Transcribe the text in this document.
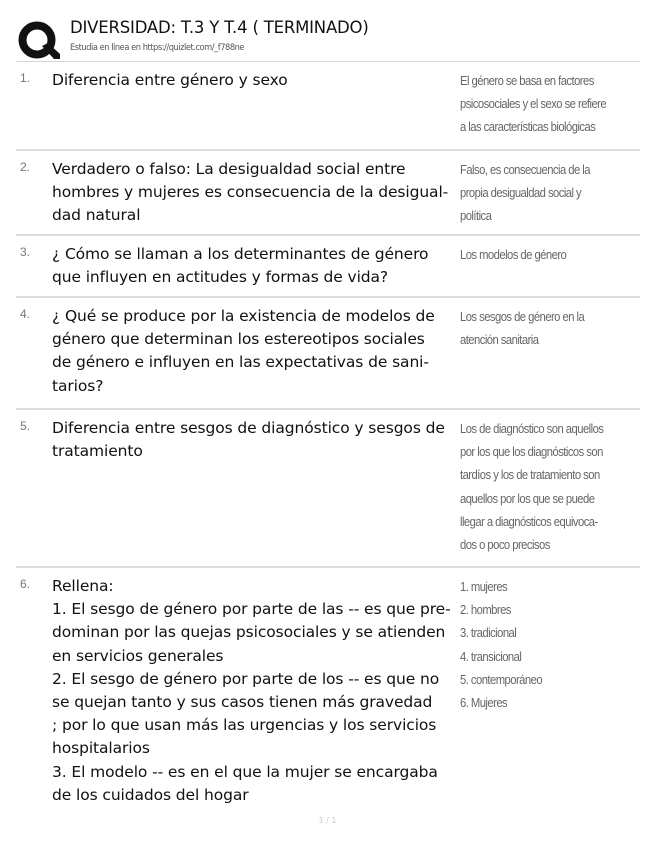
DIVERSIDAD: T.3 Y T.4 ( TERMINADO)
Estudia en línea en https://quizlet.com/_f788ne
1. Diferencia entre género y sexo	El género se basa en factores
psicosociales y el sexo se refiere
a las características biológicas
2. Verdadero o falso: La desigualdad social entre
hombres y mujeres es consecuencia de la desigual-
dad natural
Falso, es consecuencia de la
propia desigualdad social y
política
3. ¿ Cómo se llaman a los determinantes de género
que influyen en actitudes y formas de vida?
Los modelos de género
4. ¿ Qué se produce por la existencia de modelos de
género que determinan los estereotipos sociales
de género e influyen en las expectativas de sani-
tarios?
Los sesgos de género en la
atención sanitaria
5. Diferencia entre sesgos de diagnóstico y sesgos de
tratamiento
Los de diagnóstico son aquellos
por los que los diagnósticos son
tardíos y los de tratamiento son
aquellos por los que se puede
llegar a diagnósticos equivoca-
dos o poco precisos
6. Rellena:
1. El sesgo de género por parte de las -- es que pre-
dominan por las quejas psicosociales y se atienden
en servicios generales
2. El sesgo de género por parte de los -- es que no
se quejan tanto y sus casos tienen más gravedad
; por lo que usan más las urgencias y los servicios
hospitalarios
3. El modelo -- es en el que la mujer se encargaba
de los cuidados del hogar
1. mujeres
2. hombres
3. tradicional
4. transicional
5. contemporáneo
6. Mujeres
1 / 1
